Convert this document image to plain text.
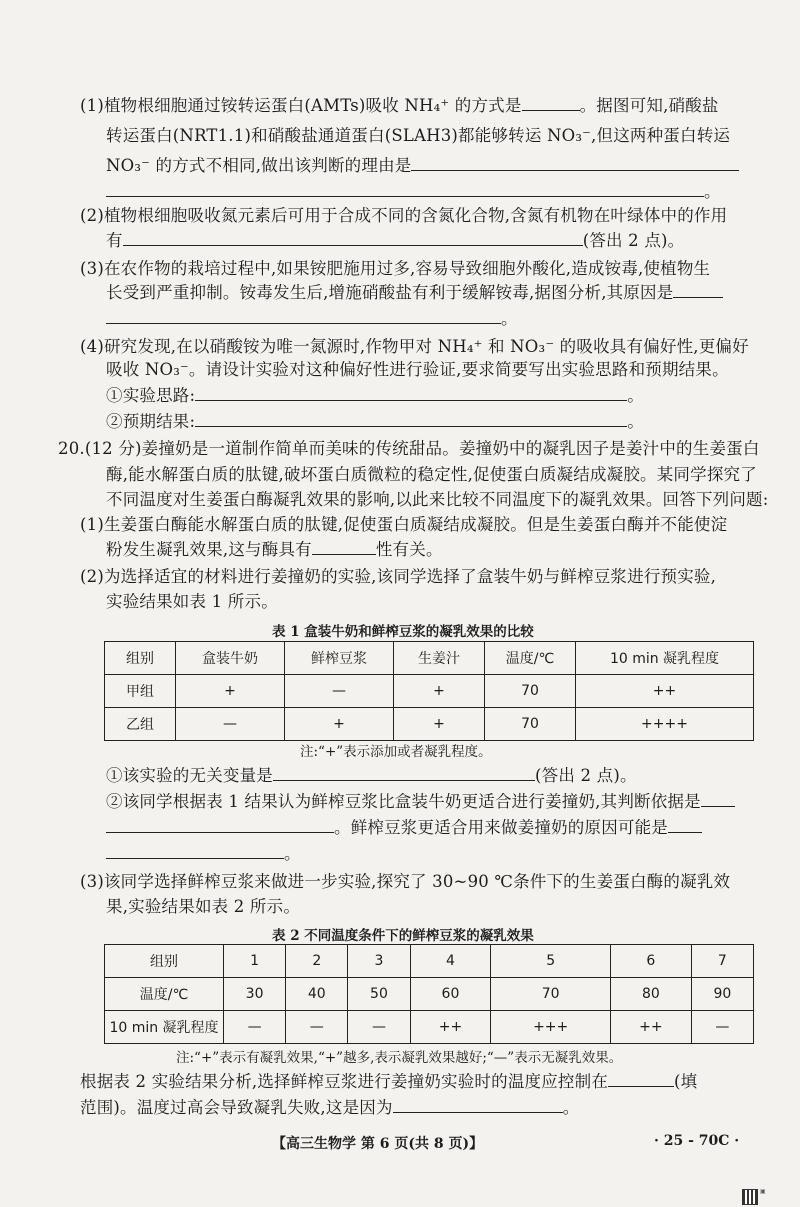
(1)植物根细胞通过铵转运蛋白(AMTs)吸收 NH₄⁺ 的方式是	。据图可知,硝酸盐
转运蛋白(NRT1.1)和硝酸盐通道蛋白(SLAH3)都能够转运 NO₃⁻,但这两种蛋白转运
NO₃⁻ 的方式不相同,做出该判断的理由是
。
(2)植物根细胞吸收氮元素后可用于合成不同的含氮化合物,含氮有机物在叶绿体中的作用
有	(答出 2 点)。
(3)在农作物的栽培过程中,如果铵肥施用过多,容易导致细胞外酸化,造成铵毒,使植物生
长受到严重抑制。铵毒发生后,增施硝酸盐有利于缓解铵毒,据图分析,其原因是
。
(4)研究发现,在以硝酸铵为唯一氮源时,作物甲对 NH₄⁺ 和 NO₃⁻ 的吸收具有偏好性,更偏好
吸收 NO₃⁻。请设计实验对这种偏好性进行验证,要求简要写出实验思路和预期结果。
①实验思路:	。
②预期结果:	。
20.(12 分)姜撞奶是一道制作简单而美味的传统甜品。姜撞奶中的凝乳因子是姜汁中的生姜蛋白
酶,能水解蛋白质的肽键,破坏蛋白质微粒的稳定性,促使蛋白质凝结成凝胶。某同学探究了
不同温度对生姜蛋白酶凝乳效果的影响,以此来比较不同温度下的凝乳效果。回答下列问题:
(1)生姜蛋白酶能水解蛋白质的肽键,促使蛋白质凝结成凝胶。但是生姜蛋白酶并不能使淀
粉发生凝乳效果,这与酶具有	性有关。
(2)为选择适宜的材料进行姜撞奶的实验,该同学选择了盒装牛奶与鲜榨豆浆进行预实验,
实验结果如表 1 所示。
表 1 盒装牛奶和鲜榨豆浆的凝乳效果的比较
组别	盒装牛奶	鲜榨豆浆	生姜汁	温度/℃	10 min 凝乳程度
甲组	+	—	+	70	++
乙组	—	+	+	70	++++
注:“+”表示添加或者凝乳程度。
①该实验的无关变量是	(答出 2 点)。
②该同学根据表 1 结果认为鲜榨豆浆比盒装牛奶更适合进行姜撞奶,其判断依据是
。鲜榨豆浆更适合用来做姜撞奶的原因可能是
。
(3)该同学选择鲜榨豆浆来做进一步实验,探究了 30~90 ℃条件下的生姜蛋白酶的凝乳效
果,实验结果如表 2 所示。
表 2 不同温度条件下的鲜榨豆浆的凝乳效果
组别	1	2	3	4	5	6	7
温度/℃	30	40	50	60	70	80	90
10 min 凝乳程度	—	—	—	++	+++	++	—
注:“+”表示有凝乳效果,“+”越多,表示凝乳效果越好;“—”表示无凝乳效果。
根据表 2 实验结果分析,选择鲜榨豆浆进行姜撞奶实验时的温度应控制在	(填
范围)。温度过高会导致凝乳失败,这是因为	。
【高三生物学 第 6 页(共 8 页)】	· 25 - 70C ·
▣
